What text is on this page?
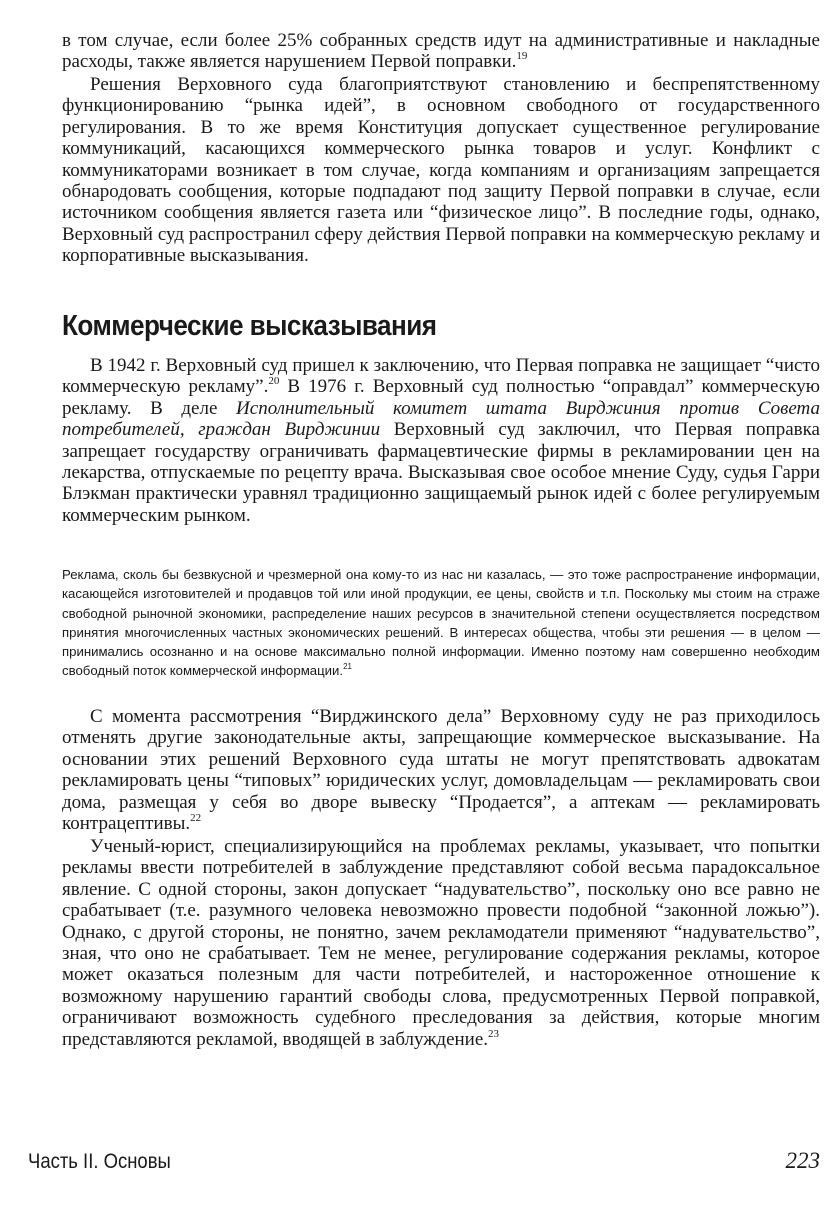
в том случае, если более 25% собранных средств идут на административные и накладные расходы, также является нарушением Первой поправки.$^{19}$

Решения Верховного суда благоприятствуют становлению и беспрепятственному функционированию “рынка идей”, в основном свободного от государственного регулирования. В то же время Конституция допускает существенное регулирование коммуникаций, касающихся коммерческого рынка товаров и услуг. Конфликт с коммуникаторами возникает в том случае, когда компаниям и организациям запрещается обнародовать сообщения, которые подпадают под защиту Первой поправки в случае, если источником сообщения является газета или “физическое лицо”. В последние годы, однако, Верховный суд распространил сферу действия Первой поправки на коммерческую рекламу и корпоративные высказывания.

Коммерческие высказывания

В 1942 г. Верховный суд пришел к заключению, что Первая поправка не защищает “чисто коммерческую рекламу”.$^{20}$ В 1976 г. Верховный суд полностью “оправдал” коммерческую рекламу. В деле Исполнительный комитет штата Вирджиния против Совета потребителей, граждан Вирджинии Верховный суд заключил, что Первая поправка запрещает государству ограничивать фармацевтические фирмы в рекламировании цен на лекарства, отпускаемые по рецепту врача. Высказывая свое особое мнение Суду, судья Гарри Блэкман практически уравнял традиционно защищаемый рынок идей с более регулируемым коммерческим рынком.

Реклама, сколь бы безвкусной и чрезмерной она кому-то из нас ни казалась, — это тоже распространение информации, касающейся изготовителей и продавцов той или иной продукции, ее цены, свойств и т.п. Поскольку мы стоим на страже свободной рыночной экономики, распределение наших ресурсов в значительной степени осуществляется посредством принятия многочисленных частных экономических решений. В интересах общества, чтобы эти решения — в целом — принимались осознанно и на основе максимально полной информации. Именно поэтому нам совершенно необходим свободный поток коммерческой информации.$^{21}$

С момента рассмотрения “Вирджинского дела” Верховному суду не раз приходилось отменять другие законодательные акты, запрещающие коммерческое высказывание. На основании этих решений Верховного суда штаты не могут препятствовать адвокатам рекламировать цены “типовых” юридических услуг, домовладельцам — рекламировать свои дома, размещая у себя во дворе вывеску “Продается”, а аптекам — рекламировать контрацептивы.$^{22}$

Ученый-юрист, специализирующийся на проблемах рекламы, указывает, что попытки рекламы ввести потребителей в заблуждение представляют собой весьма парадоксальное явление. С одной стороны, закон допускает “надувательство”, поскольку оно все равно не срабатывает (т.е. разумного человека невозможно провести подобной “законной ложью”). Однако, с другой стороны, не понятно, зачем рекламодатели применяют “надувательство”, зная, что оно не срабатывает. Тем не менее, регулирование содержания рекламы, которое может оказаться полезным для части потребителей, и настороженное отношение к возможному нарушению гарантий свободы слова, предусмотренных Первой поправкой, ограничивают возможность судебного преследования за действия, которые многим представляются рекламой, вводящей в заблуждение.$^{23}$

Часть II. Основы	223
